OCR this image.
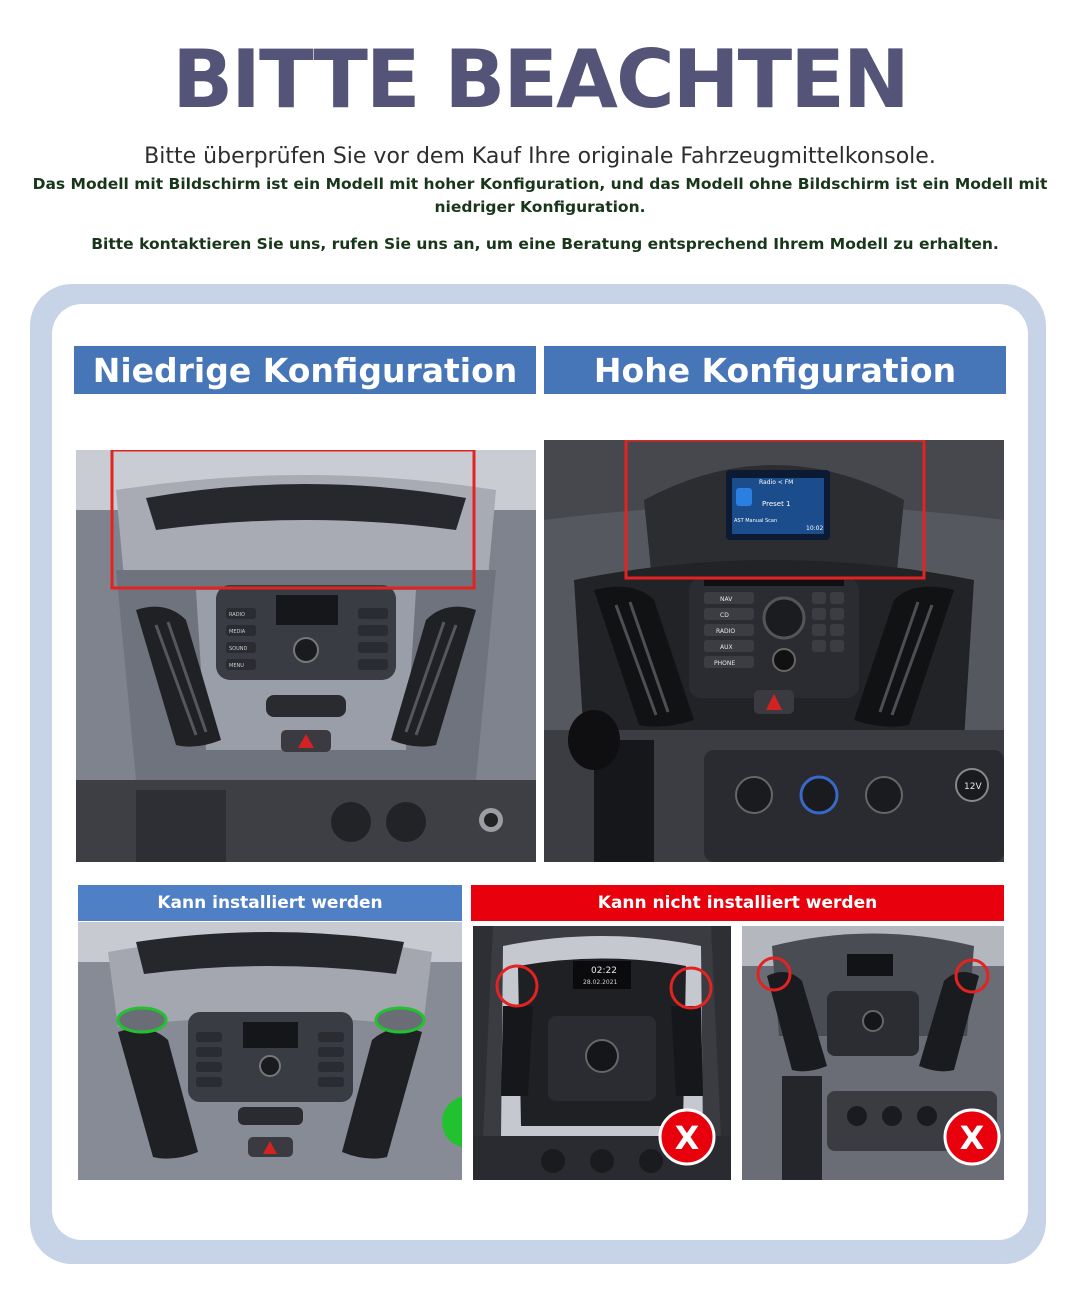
BITTE BEACHTEN
Bitte überprüfen Sie vor dem Kauf Ihre originale Fahrzeugmittelkonsole.
Das Modell mit Bildschirm ist ein Modell mit hoher Konfiguration, und das Modell ohne Bildschirm ist ein Modell mit niedriger Konfiguration.
Bitte kontaktieren Sie uns, rufen Sie uns an, um eine Beratung entsprechend Ihrem Modell zu erhalten.
Niedrige Konfiguration	Hohe Konfiguration
RADIO
MEDIA
SOUND
MENU
Radio < FM
Preset 1
AST Manual Scan
10:02
NAV
CD
RADIO
AUX
PHONE
12V
Kann installiert werden	Kann nicht installiert werden
02:22
28.02.2021
X	X
